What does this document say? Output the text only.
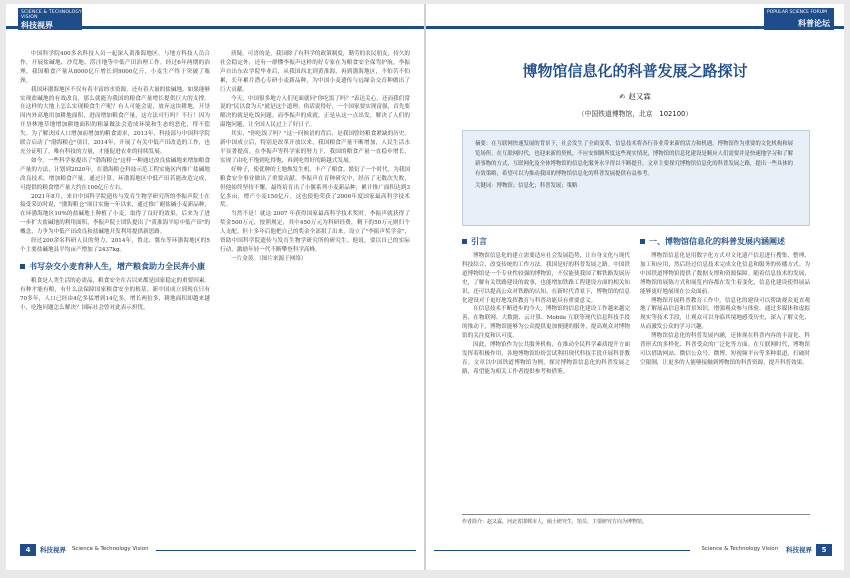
SCIENCE & TECHNOLOGY VISION
科技视界

中国科学院400多名科技人员一起深入黄淮海地区，与地方科技人员合作，开展盐碱地、沙荒地、涝洼地等中低产田治理工作。经过6年两期的治理，我国粮食产量从8000亿斤增长到9000亿斤，小麦生产终于突破了瓶颈。

我国环渤海地区不仅有着丰富的水资源，还有着大量的盐碱地，如果能够实现盐碱地的有效改良，那么就能为我国的粮食产量增长提供巨大的支撑。在这样的大地上怎么实现粮食生产呢？有人可能会说，放弃这块耕地，开垦因内外高地用加耕地面积，进而增加粮食产量，这方法可行吗？不行！因为开垦林地草地增加耕地面积的粗暴做法会造成环境和生态的恶化，得不偿失。为了解决国人口增加而增加的粮食需求，2013年，科技部与中国科学院联合启动了"渤海粮仓"项目，2014年，开展了有关中低产田改造的工作，也充分证明了，唯有科技的力量，才能促进农业的持续发展。

如今，一些科学家提出了"渤海粮仓"这样一种通过改良盐碱地来增加粮食产量的方法，计划到2020年，在渤海粮仓科技示范工程实施区内推广盐碱地改良技术，增加粮食产量。通过计算，环渤海地区中低产田若能改造完成，可提供的粮食增产量大约在100亿斤左右。

2021年8月，来自中国科学院遗传与发育生物学研究所的李振声院士在接受采访时说，"渤海粮仓"项目实施一年以来，通过推广耐盐碱小麦新品种，在环渤海地区10%的盐碱地上种植了小麦，取得了良好的效果。后来为了进一步扩大盐碱地的利用面积，李振声院士团队提出了"黄淮海平原中低产田"的概念，力争为中低产田改良和盐碱地开发利用提供新思路。

经过200余名科研人员的努力，2014年，鲁北、冀东等环渤海地区的5个主要盐碱地县平均亩产增加了2437kg。

书写杂交小麦育种人生，增产粮食助力全民奔小康

粮食是人类生活的必需品，粮食安全在古以来都是国家稳定的重要因素。有种才能有粮，有什么法保障国家粮食安全的根基。新中国成立到现在只有70多年，人口已经由4亿多猛增到14亿多，增长两倍多，耕地面积却越来越小，吃饱问题怎么解决？国际社会曾对此表示担忧。

质疑。可喜的是，我国除了有科学的政策制度，勤劳的农民朋友，持久的社会稳定外，还有一群懂李振声这样的好专家在为粮食安全保驾护航。李振声自出东农学院毕业后，从我国西北到黄淮海，再到渤海地区，不怕苦不怕累，长年累月潜心专研小麦新品种，为中国小麦遗传与远缘杂交育种做出了巨大贡献。

今天，中国很多地方人们见面就问"你吃饭了吗？"表达关心，还而我们常说的"民以食为天"就是这个道理。俗话说得好，一个国家要实现富强，首先要解决的就是吃饭问题。而李振声的成就，正是从这一点出发，解决了人们的温饱问题，让全国人民过上了好日子。

其实，"你吃饭了吗？"这一问候语的背后，是我国曾经粮食紧缺的历史。新中国成立后，特别是改革开放以来，我国粮食产量不断增加，人民生活水平显著提高。在李振声等科学家的努力下，我国的粮食产量一直稳步增长，实现了由吃不饱到吃得饱，再到吃得好的跨越式发展。

好种子，使优种的土地焕发生机，丰产了粮食。繁衍了一个时代。为我国粮食安全事业做出了重要贡献。李振声在育种研究中，经历了无数次失败，但他始终坚持不懈，最终培育出了小偃系列小麦新品种，累计推广面积达到3亿多亩，增产小麦150亿斤，这也使他荣获了2006年度国家最高科学技术奖。

当然不是！就这 2007 年获得国家最高科学技术奖时，李振声就获得了奖金500万元，按照规定，其中450万元为科研经费，剩下的50万元则归个人支配。但十多年后他把自己的奖金全部捐了出来，设立了"李振声奖学金"，资助中国科学院遗传与发育生物学研究所的研究生。他说，要以自己的实际行动，激励年轻一代不断攀登科学高峰。

一片金黄。（图片来源于网络）

4	科技视界 Science & Technology Vision
POPULAR SCIENCE FORUM
科普论坛
博物馆信息化的科普发展之路探讨
✍ 赵又霖
（中国铁道博物馆，北京　102100）
摘要：在互联网快速发展的背景下，社会发生了全面变革，信息技术将各行各业带来新的活力和机遇。博物馆作为重要的文化机构和展览场所，在互联网时代，也迎来新的契机，不应安图腾所度这些现实情况，博物馆的信息化建设是顺应人们需要并是快速地学习和了解新事物的方式，互联网化及全体博物馆的信息化服务水平得以不断提升，文章主要探究博物馆信息化的科普发展之路，提出一些具体的有效策略，希望可以为推动我国的博物馆信息化的科普发展提供有益参考。
关键词：博物馆；信息化；科普发展；策略
引言

博物馆信息化的建立需要适应社会发展趋势，让自身文化与现代科技结合，改变传统的工作方法。我国是好的科普发展之路。中国铁道博物馆是一个专业性较强的博物馆，不仅能使我国了解铁路发展历史，了解有关铁路建设的故事，也能增加铁路工程建设方面的相关知识，还可以提高公众对铁路的认知。在新时代背景下，博物馆的信息化建设对于更好地发挥教育与科普功能具有重要意义。

在信息技术不断进步的今天，博物馆的信息化建设工作越来越完善，在物联网、大数据、云计算、Mobile 互联等现代信息科技手段的推动下，博物馆能够为公众提供更加便捷的服务，提高观众对博物馆的关注度和认可度。

因此，博物馆作为公共服务机构，在推动全民科学素质提升方面发挥着积极作用，各地博物馆纷纷尝试利用现代科技手段开展科普教育。文章以中国铁道博物馆为例，探讨博物馆信息化的科普发展之路，希望能为相关工作者提供参考和借鉴。

一、博物馆信息化的科普发展内涵阐述

博物馆信息化是用数字化方式对文化遗产信息进行搜集、整理、加工和应用，然后经过信息技术完成文化信息和服务的传播方式。为中国铁道博物馆提供了数据支撑和资源保障。随着信息技术的发展，博物馆的展陈方式和展览内容都在发生着变化，信息化建设使得展品能够更好地展现在公众面前。

博物馆开展科普教育工作中，信息化的建设可以帮助观众更直观地了解展品信息和背景知识，增强观众参与体验，通过多媒体和虚拟现实等技术手段，让观众可以身临其境地感受历史，深入了解文化，从而激发公众的学习兴趣。

博物馆信息化的科普发展内涵，还体现在科普内容的丰富化、科普形式的多样化、科普受众的广泛化等方面。在互联网时代，博物馆可以借助网站、微信公众号、微博、短视频平台等多种渠道，打破时空限制，让更多的人能够接触到博物馆的科普资源，提升科普效果。

作者简介：赵又霖，河北省邯郸市人，硕士研究生，馆员，主要研究方向为博物馆。
Science & Technology Vision 科技视界	5
